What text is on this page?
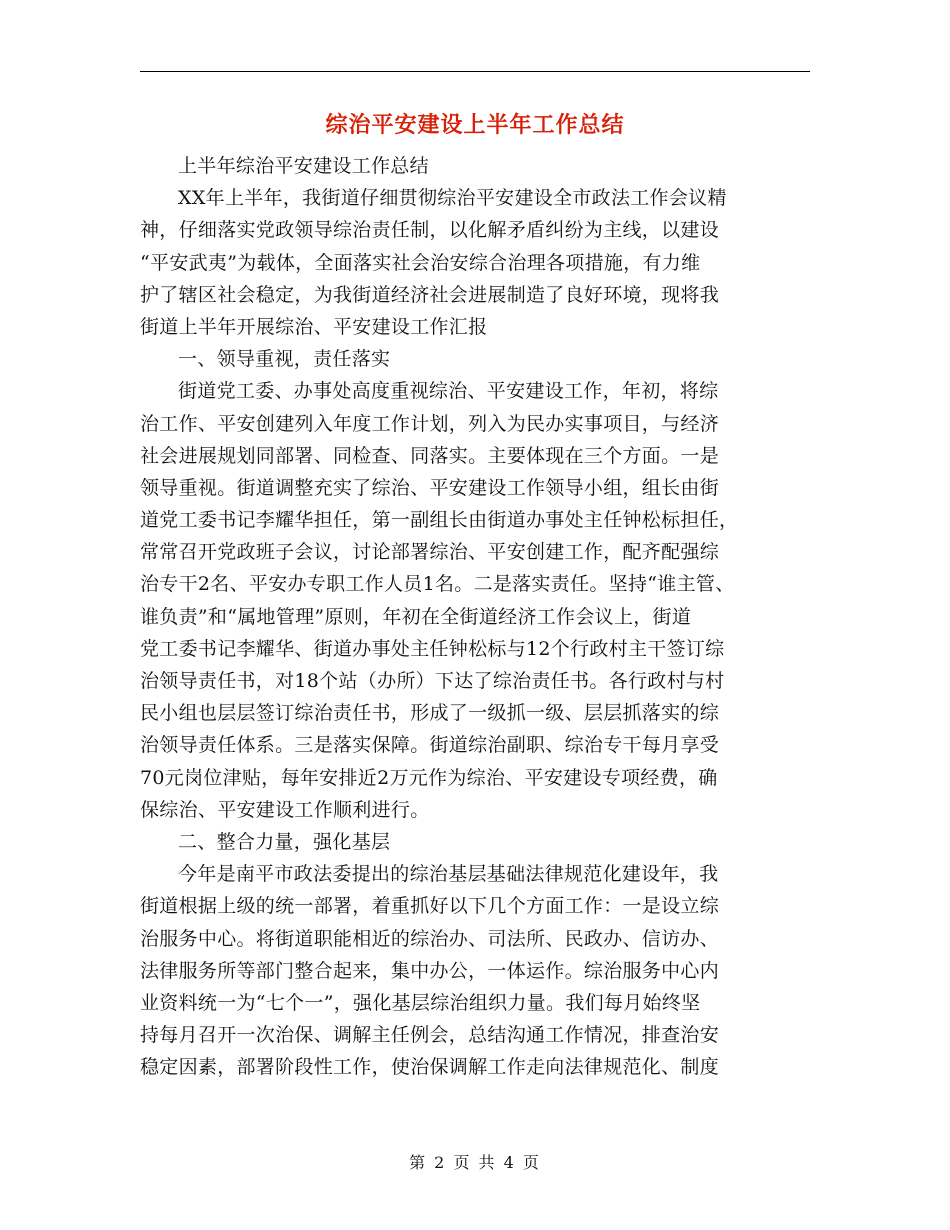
综治平安建设上半年工作总结
上半年综治平安建设工作总结
XX年上半年，我街道仔细贯彻综治平安建设全市政法工作会议精
神，仔细落实党政领导综治责任制，以化解矛盾纠纷为主线，以建设
“平安武夷”为载体，全面落实社会治安综合治理各项措施，有力维
护了辖区社会稳定，为我街道经济社会进展制造了良好环境，现将我
街道上半年开展综治、平安建设工作汇报
一、领导重视，责任落实
街道党工委、办事处高度重视综治、平安建设工作，年初，将综
治工作、平安创建列入年度工作计划，列入为民办实事项目，与经济
社会进展规划同部署、同检查、同落实。主要体现在三个方面。一是
领导重视。街道调整充实了综治、平安建设工作领导小组，组长由街
道党工委书记李耀华担任，第一副组长由街道办事处主任钟松标担任，
常常召开党政班子会议，讨论部署综治、平安创建工作，配齐配强综
治专干2名、平安办专职工作人员1名。二是落实责任。坚持“谁主管、
谁负责”和“属地管理”原则，年初在全街道经济工作会议上，街道
党工委书记李耀华、街道办事处主任钟松标与12个行政村主干签订综
治领导责任书，对18个站（办所）下达了综治责任书。各行政村与村
民小组也层层签订综治责任书，形成了一级抓一级、层层抓落实的综
治领导责任体系。三是落实保障。街道综治副职、综治专干每月享受
70元岗位津贴，每年安排近2万元作为综治、平安建设专项经费，确
保综治、平安建设工作顺利进行。
二、整合力量，强化基层
今年是南平市政法委提出的综治基层基础法律规范化建设年，我
街道根据上级的统一部署，着重抓好以下几个方面工作：一是设立综
治服务中心。将街道职能相近的综治办、司法所、民政办、信访办、
法律服务所等部门整合起来，集中办公，一体运作。综治服务中心内
业资料统一为“七个一”，强化基层综治组织力量。我们每月始终坚
持每月召开一次治保、调解主任例会，总结沟通工作情况，排查治安
稳定因素，部署阶段性工作，使治保调解工作走向法律规范化、制度
第 2 页 共 4 页
